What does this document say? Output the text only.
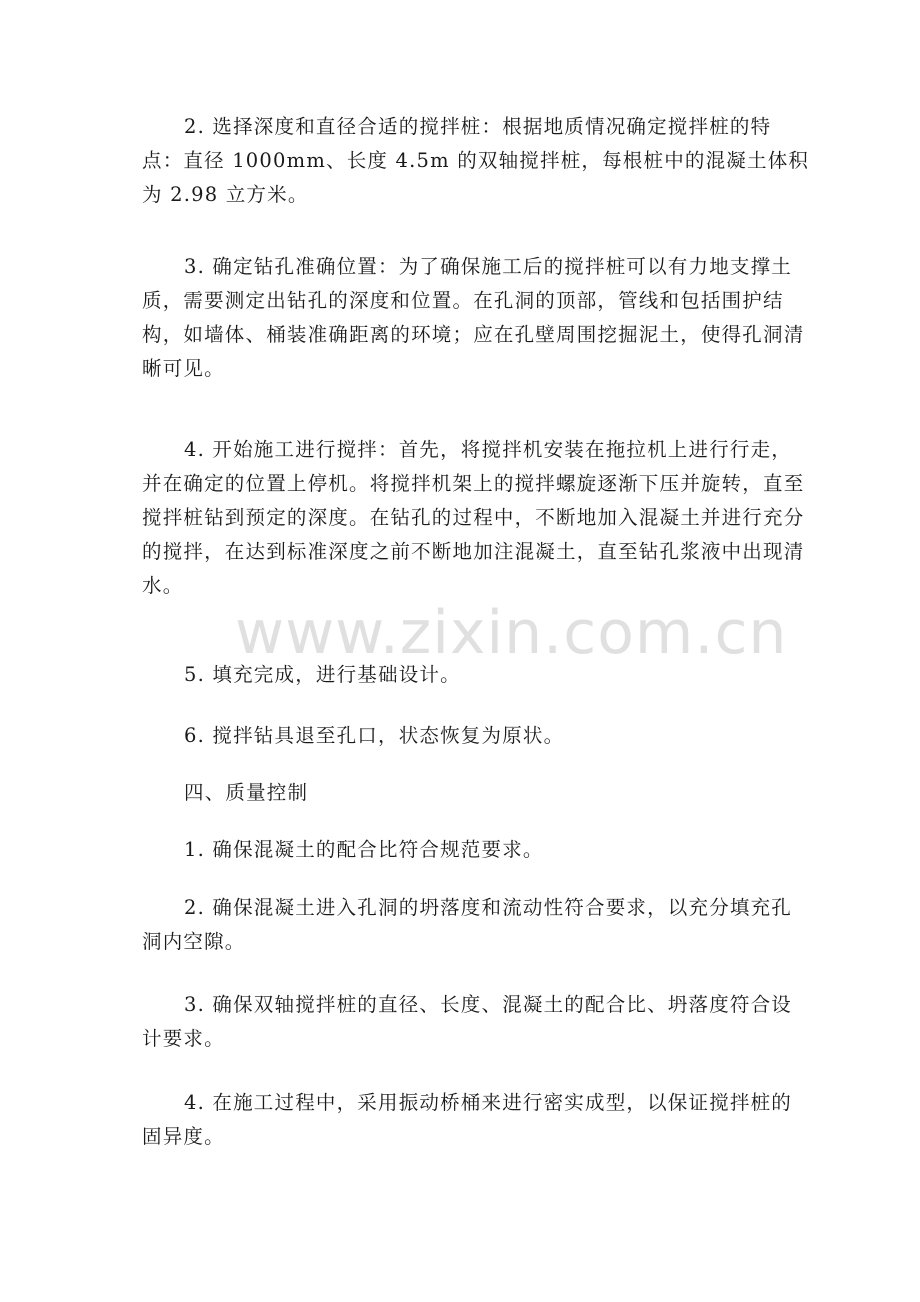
2. 选择深度和直径合适的搅拌桩：根据地质情况确定搅拌桩的特点：直径 1000mm、长度 4.5m 的双轴搅拌桩，每根桩中的混凝土体积为 2.98 立方米。

3. 确定钻孔准确位置：为了确保施工后的搅拌桩可以有力地支撑土质，需要测定出钻孔的深度和位置。在孔洞的顶部，管线和包括围护结构，如墙体、桶装准确距离的环境；应在孔壁周围挖掘泥土，使得孔洞清晰可见。

4. 开始施工进行搅拌：首先，将搅拌机安装在拖拉机上进行行走，并在确定的位置上停机。将搅拌机架上的搅拌螺旋逐渐下压并旋转，直至搅拌桩钻到预定的深度。在钻孔的过程中，不断地加入混凝土并进行充分的搅拌，在达到标准深度之前不断地加注混凝土，直至钻孔浆液中出现清水。

5. 填充完成，进行基础设计。

6. 搅拌钻具退至孔口，状态恢复为原状。

四、质量控制

1. 确保混凝土的配合比符合规范要求。

2. 确保混凝土进入孔洞的坍落度和流动性符合要求，以充分填充孔洞内空隙。

3. 确保双轴搅拌桩的直径、长度、混凝土的配合比、坍落度符合设计要求。

4. 在施工过程中，采用振动桥桶来进行密实成型，以保证搅拌桩的固异度。

www.zixin.com.cn
